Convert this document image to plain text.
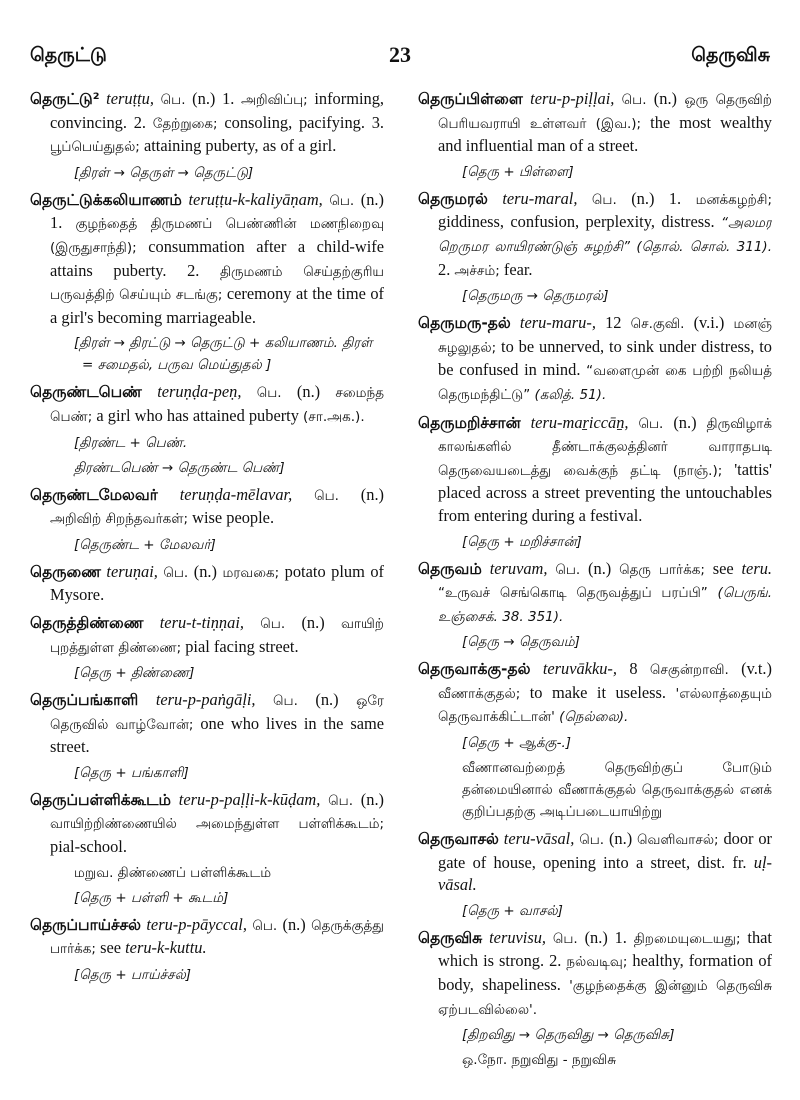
தெருட்டு	23	தெருவிசு
தெருட்டு² teruṭṭu, பெ. (n.) 1. அறிவிப்பு; informing, convincing. 2. தேற்றுகை; consoling, pacifying. 3. பூப்பெய்துதல்; attaining puberty, as of a girl.
[திரள் → தெருள் → தெருட்டு]
தெருட்டுக்கலியாணம் teruṭṭu-k-kaliyāṇam, பெ. (n.) 1. குழந்தைத் திருமணப் பெண்ணின் மணநிறைவு (இருதுசாந்தி); consummation after a child-wife attains puberty. 2. திருமணம் செய்தற்குரிய பருவத்திற் செய்யும் சடங்கு; ceremony at the time of a girl's becoming marriageable.
[திரள் → திரட்டு → தெருட்டு + கலியாணம். திரள் = சமைதல், பருவ மெய்துதல் ]
தெருண்டபெண் teruṇḍa-peṇ, பெ. (n.) சமைந்த பெண்; a girl who has attained puberty (சா.அக.).
[திரண்ட + பெண்.
திரண்டபெண் → தெருண்ட பெண்]
தெருண்டமேலவர் teruṇḍa-mēlavar, பெ. (n.) அறிவிற் சிறந்தவர்கள்; wise people.
[தெருண்ட + மேலவர்]
தெருணை teruṇai, பெ. (n.) மரவகை; potato plum of Mysore.
தெருத்திண்ணை teru-t-tiṇṇai, பெ. (n.) வாயிற் புறத்துள்ள திண்ணை; pial facing street.
[தெரு + திண்ணை]
தெருப்பங்காளி teru-p-paṅgāḷi, பெ. (n.) ஒரே தெருவில் வாழ்வோன்; one who lives in the same street.
[தெரு + பங்காளி]
தெருப்பள்ளிக்கூடம் teru-p-paḷḷi-k-kūḍam, பெ. (n.) வாயிற்றிண்ணையில் அமைந்துள்ள பள்ளிக்கூடம்; pial-school.
மறுவ. திண்ணைப் பள்ளிக்கூடம்
[தெரு + பள்ளி + கூடம்]
தெருப்பாய்ச்சல் teru-p-pāyccal, பெ. (n.) தெருக்குத்து பார்க்க; see teru-k-kuttu.
[தெரு + பாய்ச்சல்]
தெருப்பிள்ளை teru-p-piḷḷai, பெ. (n.) ஒரு தெருவிற் பெரியவராயி உள்ளவர் (இவ.); the most wealthy and influential man of a street.
[தெரு + பிள்ளை]
தெருமரல் teru-maral, பெ. (n.) 1. மனக்கழற்சி; giddiness, confusion, perplexity, distress. “அலமர றெருமர லாயிரண்டுஞ் சுழற்சி” (தொல். சொல். 311). 2. அச்சம்; fear.
[தெருமரு → தெருமரல்]
தெருமரு-தல் teru-maru-, 12 செ.குவி. (v.i.) மனஞ் சுழலுதல்; to be unnerved, to sink under distress, to be confused in mind. “வளைமுன் கை பற்றி நலியத் தெருமந்திட்டு” (கலித். 51).
தெருமறிச்சான் teru-maṟiccāṉ, பெ. (n.) திருவிழாக் காலங்களில் தீண்டாக்குலத்தினர் வாராதபடி தெருவையடைத்து வைக்குந் தட்டி (நாஞ்.); 'tattis' placed across a street preventing the untouchables from entering during a festival.
[தெரு + மறிச்சான்]
தெருவம் teruvam, பெ. (n.) தெரு பார்க்க; see teru. “உருவச் செங்கொடி தெருவத்துப் பரப்பி” (பெருங். உஞ்சைக். 38. 351).
[தெரு → தெருவம்]
தெருவாக்கு-தல் teruvākku-, 8 செகுன்றாவி. (v.t.) வீணாக்குதல்; to make it useless. 'எல்லாத்தையும் தெருவாக்கிட்டான்' (நெல்லை).
[தெரு + ஆக்கு-.]
வீணானவற்றைத் தெருவிற்குப் போடும் தன்மையினால் வீணாக்குதல் தெருவாக்குதல் எனக் குறிப்பதற்கு அடிப்படையாயிற்று
தெருவாசல் teru-vāsal, பெ. (n.) வெளிவாசல்; door or gate of house, opening into a street, dist. fr. uḷ-vāsal.
[தெரு + வாசல்]
தெருவிசு teruvisu, பெ. (n.) 1. திறமையுடையது; that which is strong. 2. நல்வடிவு; healthy, formation of body, shapeliness. 'குழந்தைக்கு இன்னும் தெருவிசு ஏற்படவில்லை'.
[திறவிது → தெருவிது → தெருவிசு]
ஒ.நோ. நறுவிது - நறுவிசு
